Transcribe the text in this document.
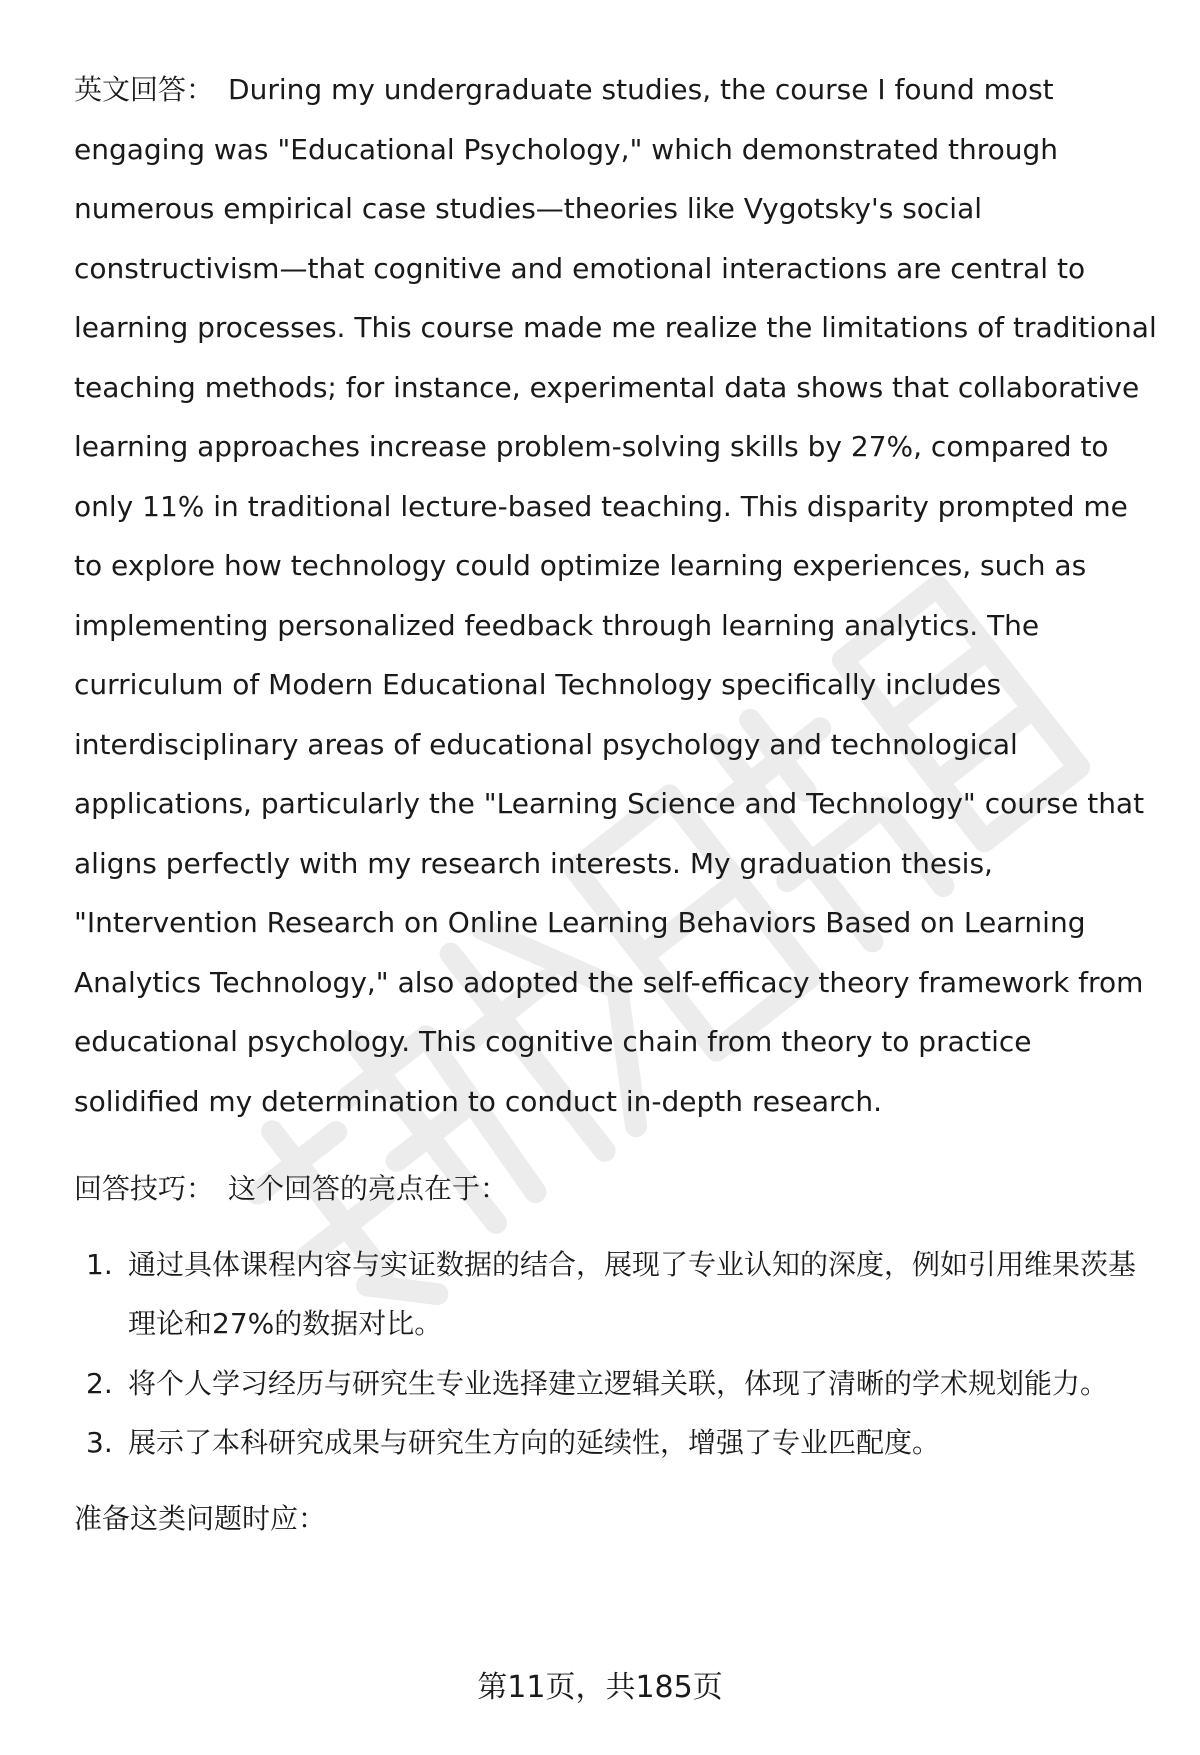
英文回答： During my undergraduate studies, the course I found most engaging was "Educational Psychology," which demonstrated through numerous empirical case studies—theories like Vygotsky's social constructivism—that cognitive and emotional interactions are central to learning processes. This course made me realize the limitations of traditional teaching methods; for instance, experimental data shows that collaborative learning approaches increase problem-solving skills by 27%, compared to only 11% in traditional lecture-based teaching. This disparity prompted me to explore how technology could optimize learning experiences, such as implementing personalized feedback through learning analytics. The curriculum of Modern Educational Technology specifically includes interdisciplinary areas of educational psychology and technological applications, particularly the "Learning Science and Technology" course that aligns perfectly with my research interests. My graduation thesis, "Intervention Research on Online Learning Behaviors Based on Learning Analytics Technology," also adopted the self-efficacy theory framework from educational psychology. This cognitive chain from theory to practice solidified my determination to conduct in-depth research.

回答技巧： 这个回答的亮点在于：

1. 通过具体课程内容与实证数据的结合，展现了专业认知的深度，例如引用维果茨基理论和27%的数据对比。
2. 将个人学习经历与研究生专业选择建立逻辑关联，体现了清晰的学术规划能力。
3. 展示了本科研究成果与研究生方向的延续性，增强了专业匹配度。

准备这类问题时应：

第11页，共185页
